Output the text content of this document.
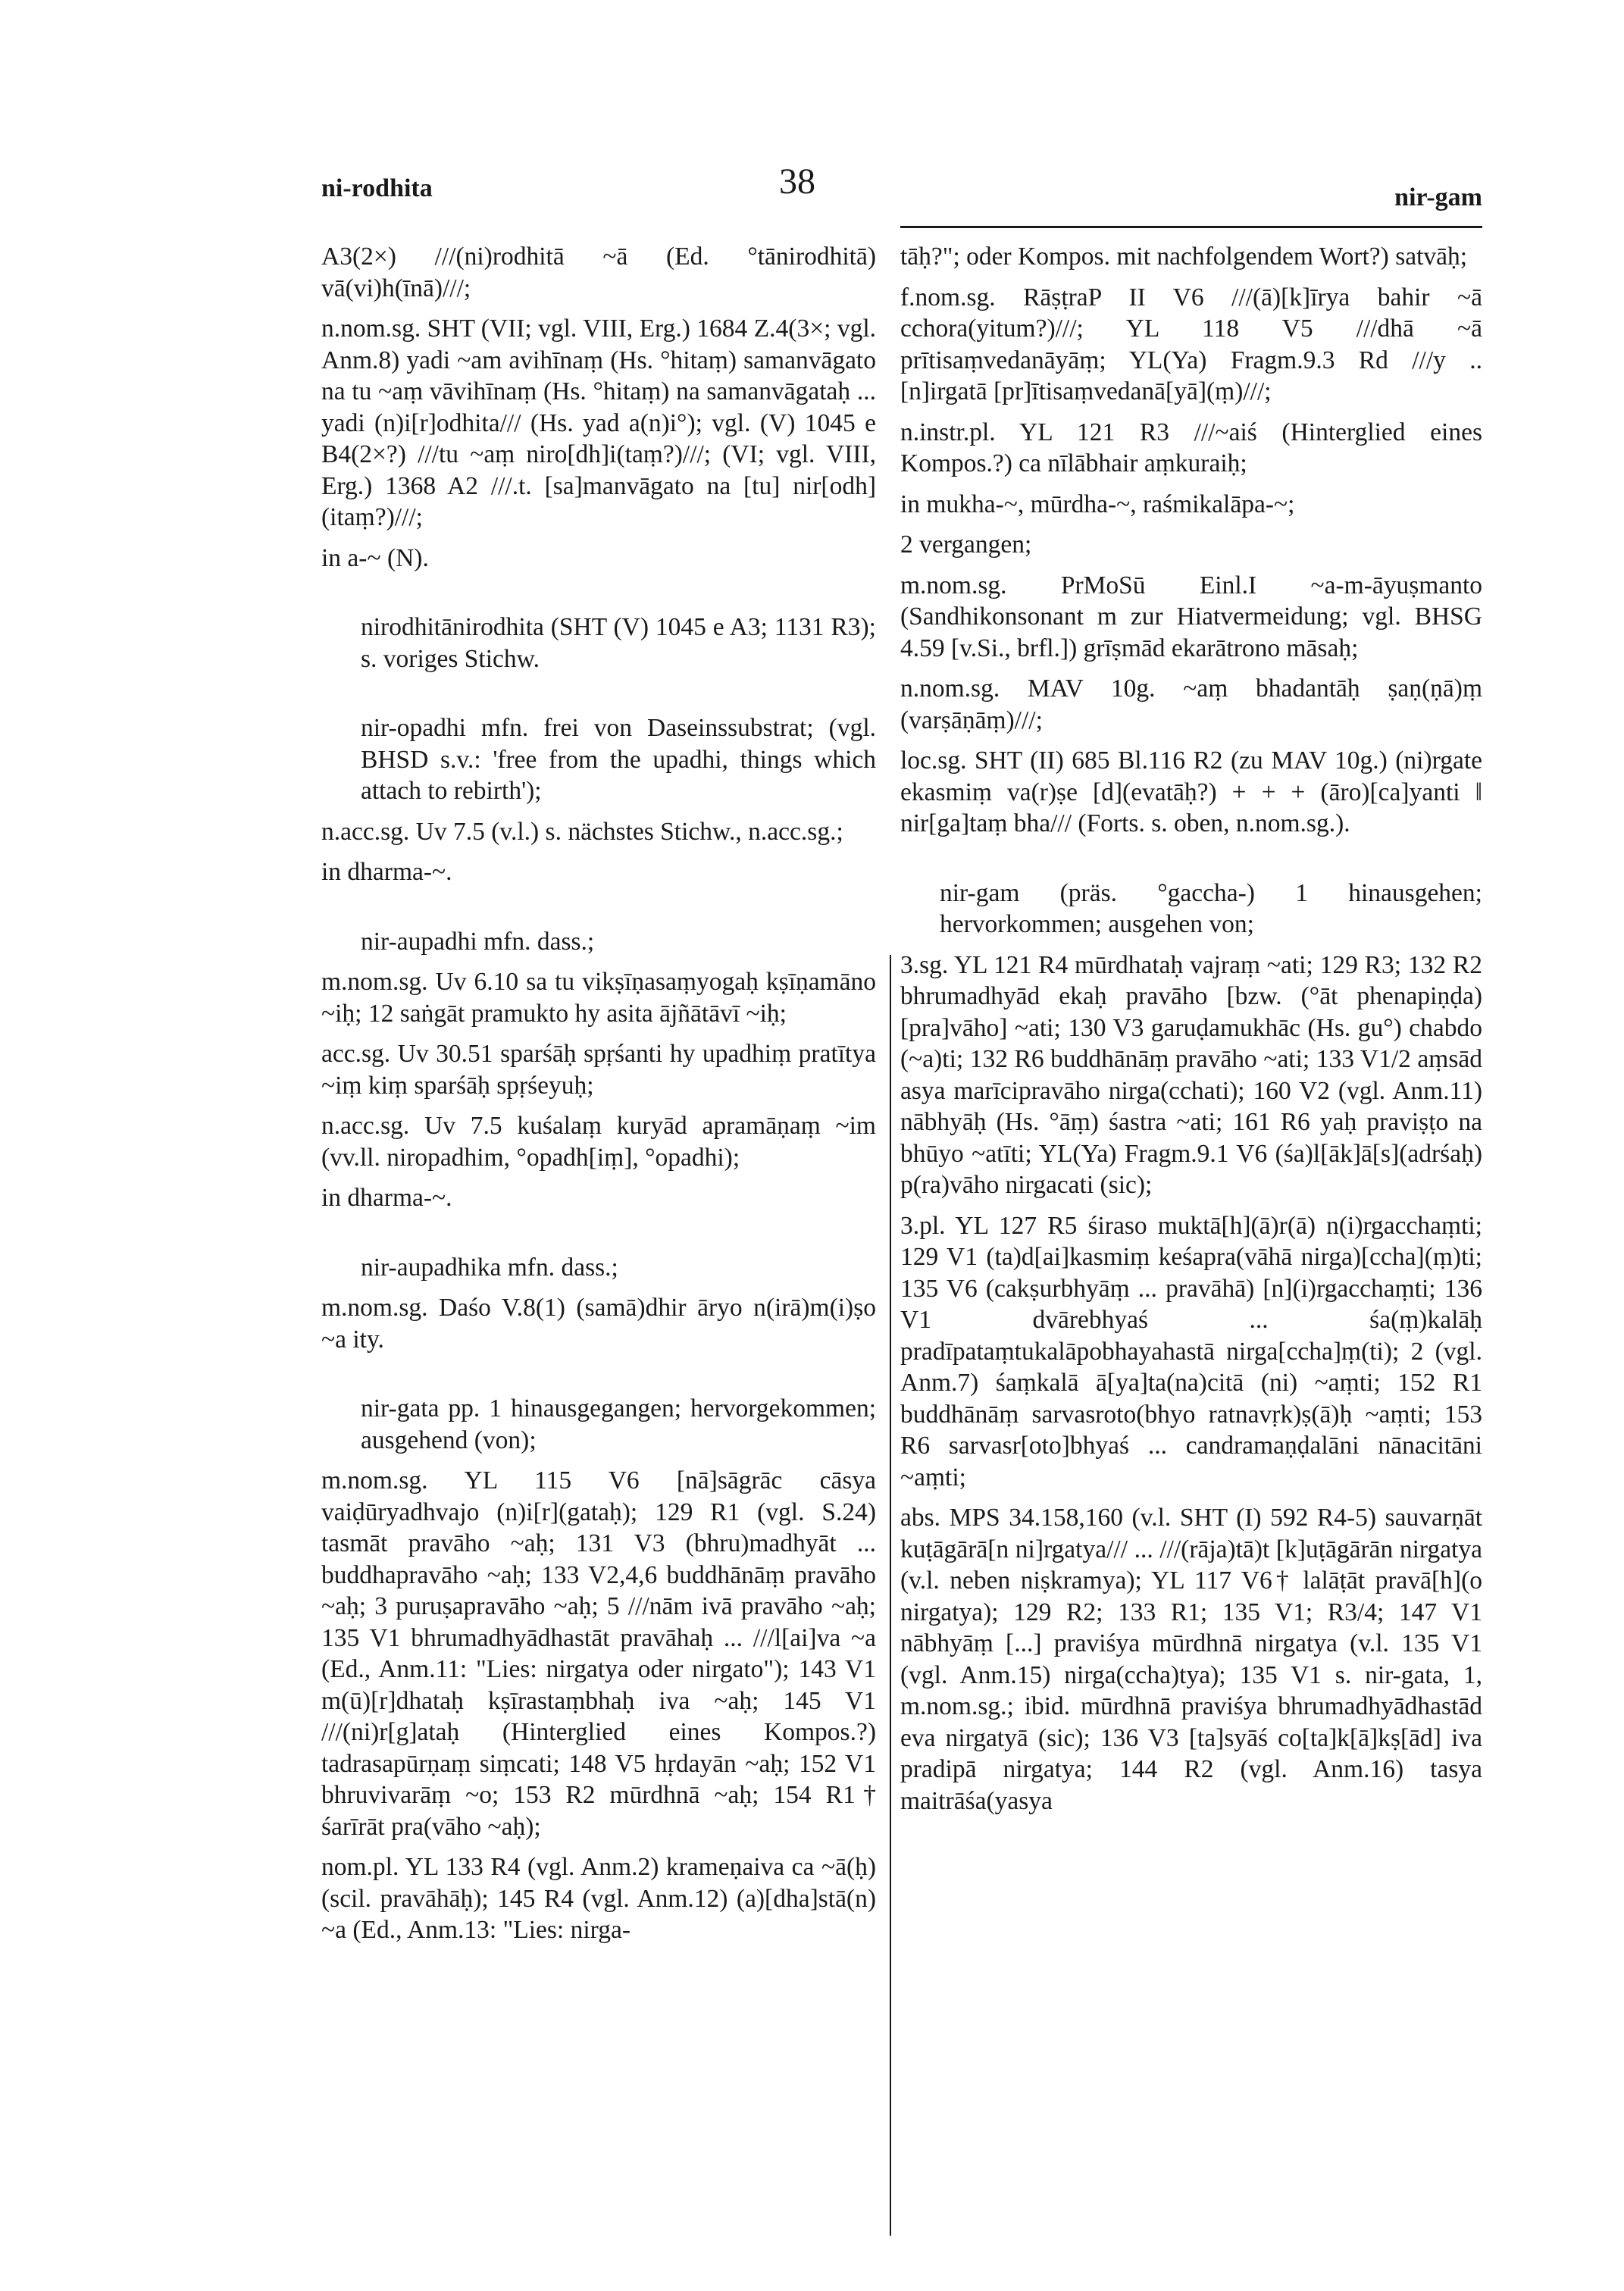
ni-rodhita	38	nir-gam

A3(2×) ///(ni)rodhitā ~ā (Ed. °tānirodhitā) vā(vi)h(īnā)///;

n.nom.sg. SHT (VII; vgl. VIII, Erg.) 1684 Z.4(3×; vgl. Anm.8) yadi ~am avihīnaṃ (Hs. °hitaṃ) samanvāgato na tu ~aṃ vāvihīnaṃ (Hs. °hitaṃ) na samanvāgataḥ ... yadi (n)i[r]odhita/// (Hs. yad a(n)i°); vgl. (V) 1045 e B4(2×?) ///tu ~aṃ niro[dh]i(taṃ?)///; (VI; vgl. VIII, Erg.) 1368 A2 ///.t. [sa]manvāgato na [tu] nir[odh](itaṃ?)///;

in a-~ (N).

nirodhitānirodhita (SHT (V) 1045 e A3; 1131 R3); s. voriges Stichw.

nir-opadhi mfn. frei von Daseinssubstrat; (vgl. BHSD s.v.: 'free from the upadhi, things which attach to rebirth');

n.acc.sg. Uv 7.5 (v.l.) s. nächstes Stichw., n.acc.sg.;

in dharma-~.

nir-aupadhi mfn. dass.;

m.nom.sg. Uv 6.10 sa tu vikṣīṇasaṃyogaḥ kṣīṇamāno ~iḥ; 12 saṅgāt pramukto hy asita ājñātāvī ~iḥ;

acc.sg. Uv 30.51 sparśāḥ spṛśanti hy upadhiṃ pratītya ~iṃ kiṃ sparśāḥ spṛśeyuḥ;

n.acc.sg. Uv 7.5 kuśalaṃ kuryād apramāṇaṃ ~im (vv.ll. niropadhim, °opadh[iṃ], °opadhi);

in dharma-~.

nir-aupadhika mfn. dass.;

m.nom.sg. Daśo V.8(1) (samā)dhir āryo n(irā)m(i)ṣo ~a ity.

nir-gata pp. 1 hinausgegangen; hervorgekommen; ausgehend (von);

m.nom.sg. YL 115 V6 [nā]sāgrāc cāsya vaiḍūryadhvajo (n)i[r](gataḥ); 129 R1 (vgl. S.24) tasmāt pravāho ~aḥ; 131 V3 (bhru)madhyāt ... buddhapravāho ~aḥ; 133 V2,4,6 buddhānāṃ pravāho ~aḥ; 3 puruṣapravāho ~aḥ; 5 ///nām ivā pravāho ~aḥ; 135 V1 bhrumadhyādhastāt pravāhaḥ ... ///l[ai]va ~a (Ed., Anm.11: "Lies: nirgatya oder nirgato"); 143 V1 m(ū)[r]dhataḥ kṣīrastaṃbhaḥ iva ~aḥ; 145 V1 ///(ni)r[g]ataḥ (Hinterglied eines Kompos.?) tadrasapūrṇaṃ siṃcati; 148 V5 hṛdayān ~aḥ; 152 V1 bhruvivarāṃ ~o; 153 R2 mūrdhnā ~aḥ; 154 R1† śarīrāt pra(vāho ~aḥ);

nom.pl. YL 133 R4 (vgl. Anm.2) krameṇaiva ca ~ā(ḥ) (scil. pravāhāḥ); 145 R4 (vgl. Anm.12) (a)[dha]stā(n) ~a (Ed., Anm.13: "Lies: nirga-

tāḥ?"; oder Kompos. mit nachfolgendem Wort?) satvāḥ;

f.nom.sg. RāṣṭraP II V6 ///(ā)[k]īrya bahir ~ā cchora(yitum?)///; YL 118 V5 ///dhā ~ā prītisaṃvedanāyāṃ; YL(Ya) Fragm.9.3 Rd ///y .. [n]irgatā [pr]ītisaṃvedanā[yā](ṃ)///;

n.instr.pl. YL 121 R3 ///~aiś (Hinterglied eines Kompos.?) ca nīlābhair aṃkuraiḥ;

in mukha-~, mūrdha-~, raśmikalāpa-~;

2 vergangen;

m.nom.sg. PrMoSū Einl.I ~a-m-āyuṣmanto (Sandhikonsonant m zur Hiatvermeidung; vgl. BHSG 4.59 [v.Si., brfl.]) grīṣmād ekarātrono māsaḥ;

n.nom.sg. MAV 10g. ~aṃ bhadantāḥ ṣaṇ(ṇā)ṃ (varṣāṇāṃ)///;

loc.sg. SHT (II) 685 Bl.116 R2 (zu MAV 10g.) (ni)rgate ekasmiṃ va(r)ṣe [d](evatāḥ?) + + + (āro)[ca]yanti ‖ nir[ga]taṃ bha/// (Forts. s. oben, n.nom.sg.).

nir-gam (präs. °gaccha-) 1 hinausgehen; hervorkommen; ausgehen von;

3.sg. YL 121 R4 mūrdhataḥ vajraṃ ~ati; 129 R3; 132 R2 bhrumadhyād ekaḥ pravāho [bzw. (°āt phenapiṇḍa)[pra]vāho] ~ati; 130 V3 garuḍamukhāc (Hs. gu°) chabdo (~a)ti; 132 R6 buddhānāṃ pravāho ~ati; 133 V1/2 aṃsād asya marīcipravāho nirga(cchati); 160 V2 (vgl. Anm.11) nābhyāḥ (Hs. °āṃ) śastra ~ati; 161 R6 yaḥ praviṣṭo na bhūyo ~atīti; YL(Ya) Fragm.9.1 V6 (śa)l[āk]ā[s](adrśaḥ) p(ra)vāho nirgacati (sic);

3.pl. YL 127 R5 śiraso muktā[h](ā)r(ā) n(i)rgacchaṃti; 129 V1 (ta)d[ai]kasmiṃ keśapra(vāhā nirga)[ccha](ṃ)ti; 135 V6 (cakṣurbhyāṃ ... pravāhā) [n](i)rgacchaṃti; 136 V1 dvārebhyaś ... śa(ṃ)kalāḥ pradīpataṃtukalāpobhayahastā nirga[ccha]ṃ(ti); 2 (vgl. Anm.7) śaṃkalā ā[ya]ta(na)citā (ni) ~aṃti; 152 R1 buddhānāṃ sarvasroto(bhyo ratnavṛk)ṣ(ā)ḥ ~aṃti; 153 R6 sarvasr[oto]bhyaś ... candramaṇḍalāni nānacitāni ~aṃti;

abs. MPS 34.158,160 (v.l. SHT (I) 592 R4-5) sauvarṇāt kuṭāgārā[n ni]rgatya/// ... ///(rāja)tā)t [k]uṭāgārān nirgatya (v.l. neben niṣkramya); YL 117 V6† lalāṭāt pravā[h](o nirgatya); 129 R2; 133 R1; 135 V1; R3/4; 147 V1 nābhyāṃ [...] praviśya mūrdhnā nirgatya (v.l. 135 V1 (vgl. Anm.15) nirga(ccha)tya); 135 V1 s. nir-gata, 1, m.nom.sg.; ibid. mūrdhnā praviśya bhrumadhyādhastād eva nirgatyā (sic); 136 V3 [ta]syāś co[ta]k[ā]kṣ[ād] iva pradipā nirgatya; 144 R2 (vgl. Anm.16) tasya maitrāśa(yasya
